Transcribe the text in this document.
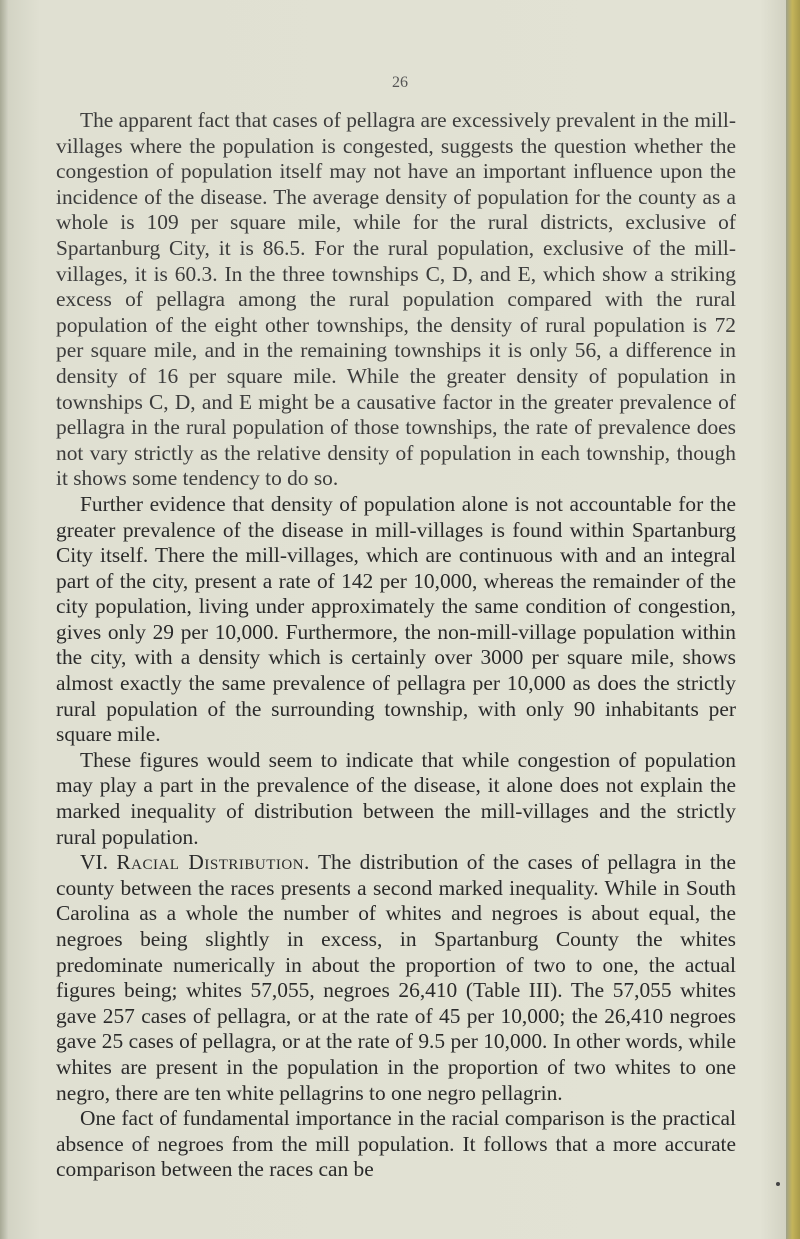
26

The apparent fact that cases of pellagra are excessively prevalent in the mill-villages where the population is congested, suggests the question whether the congestion of population itself may not have an important influence upon the incidence of the disease. The average density of population for the county as a whole is 109 per square mile, while for the rural districts, exclusive of Spartanburg City, it is 86.5. For the rural population, exclusive of the mill-villages, it is 60.3. In the three townships C, D, and E, which show a striking excess of pellagra among the rural population compared with the rural population of the eight other townships, the density of rural population is 72 per square mile, and in the remaining townships it is only 56, a difference in density of 16 per square mile. While the greater density of population in townships C, D, and E might be a causative factor in the greater prevalence of pellagra in the rural population of those townships, the rate of prevalence does not vary strictly as the relative density of population in each township, though it shows some tendency to do so.

Further evidence that density of population alone is not accountable for the greater prevalence of the disease in mill-villages is found within Spartanburg City itself. There the mill-villages, which are continuous with and an integral part of the city, present a rate of 142 per 10,000, whereas the remainder of the city population, living under approximately the same condition of congestion, gives only 29 per 10,000. Furthermore, the non-mill-village population within the city, with a density which is certainly over 3000 per square mile, shows almost exactly the same prevalence of pellagra per 10,000 as does the strictly rural population of the surrounding township, with only 90 inhabitants per square mile.

These figures would seem to indicate that while congestion of population may play a part in the prevalence of the disease, it alone does not explain the marked inequality of distribution between the mill-villages and the strictly rural population.

VI. Racial Distribution. The distribution of the cases of pellagra in the county between the races presents a second marked inequality. While in South Carolina as a whole the number of whites and negroes is about equal, the negroes being slightly in excess, in Spartanburg County the whites predominate numerically in about the proportion of two to one, the actual figures being; whites 57,055, negroes 26,410 (Table III). The 57,055 whites gave 257 cases of pellagra, or at the rate of 45 per 10,000; the 26,410 negroes gave 25 cases of pellagra, or at the rate of 9.5 per 10,000. In other words, while whites are present in the population in the proportion of two whites to one negro, there are ten white pellagrins to one negro pellagrin.

One fact of fundamental importance in the racial comparison is the practical absence of negroes from the mill population. It follows that a more accurate comparison between the races can be
